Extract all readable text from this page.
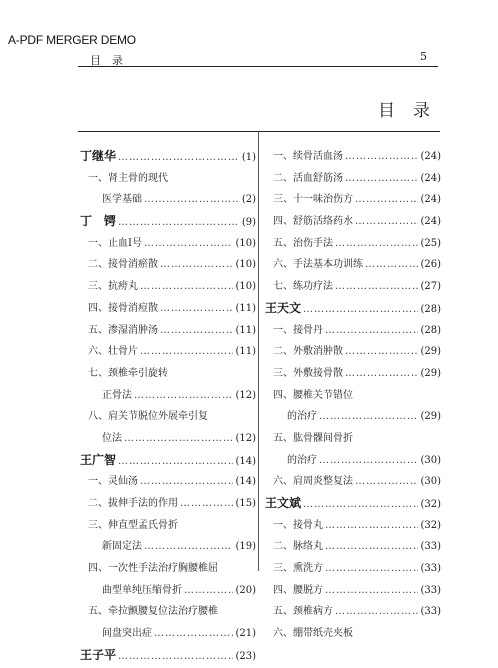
A-PDF MERGER DEMO
目　录	5
目录
丁继华 …………………………………………………………………………………………	(1)
一、肾主骨的现代
医学基础 …………………………………………………………………………………………	(2)
丁　锷 …………………………………………………………………………………………	(9)
一、止血Ⅰ号 …………………………………………………………………………………………	(10)
二、接骨消瘀散 …………………………………………………………………………………………	(10)
三、抗痨丸 …………………………………………………………………………………………	(10)
四、接骨消痘散 …………………………………………………………………………………………	(11)
五、渗湿消肿汤 …………………………………………………………………………………………	(11)
六、壮骨片 …………………………………………………………………………………………	(11)
七、颈椎牵引旋转
正骨法 …………………………………………………………………………………………	(12)
八、肩关节脱位外展牵引复
位法 …………………………………………………………………………………………	(12)
王广智 …………………………………………………………………………………………	(14)
一、灵仙汤 …………………………………………………………………………………………	(14)
二、拔伸手法的作用 …………………………………………………………………………………………	(15)
三、伸直型孟氏骨折
新固定法 …………………………………………………………………………………………	(19)
四、一次性手法治疗胸腰椎屈
曲型单纯压缩骨折 …………………………………………………………………………………………	(20)
五、牵拉颤腰复位法治疗腰椎
间盘突出症 …………………………………………………………………………………………	(21)
王子平 …………………………………………………………………………………………	(23)
一、续骨活血汤 …………………………………………………………………………………………	(24)
二、活血舒筋汤 …………………………………………………………………………………………	(24)
三、十一味治伤方 …………………………………………………………………………………………	(24)
四、舒筋活络药水 …………………………………………………………………………………………	(24)
五、治伤手法 …………………………………………………………………………………………	(25)
六、手法基本功训练 …………………………………………………………………………………………	(26)
七、练功疗法 …………………………………………………………………………………………	(27)
王天文 …………………………………………………………………………………………	(28)
一、接骨丹 …………………………………………………………………………………………	(28)
二、外敷消肿散 …………………………………………………………………………………………	(29)
三、外敷接骨散 …………………………………………………………………………………………	(29)
四、腰椎关节错位
的治疗 …………………………………………………………………………………………	(29)
五、肱骨髁间骨折
的治疗 …………………………………………………………………………………………	(30)
六、肩周炎整复法 …………………………………………………………………………………………	(30)
王文斌 …………………………………………………………………………………………	(32)
一、接骨丸 …………………………………………………………………………………………	(32)
二、脉络丸 …………………………………………………………………………………………	(33)
三、熏洗方 …………………………………………………………………………………………	(33)
四、腰脱方 …………………………………………………………………………………………	(33)
五、颈椎病方 …………………………………………………………………………………………	(33)
六、绷带纸壳夹板
